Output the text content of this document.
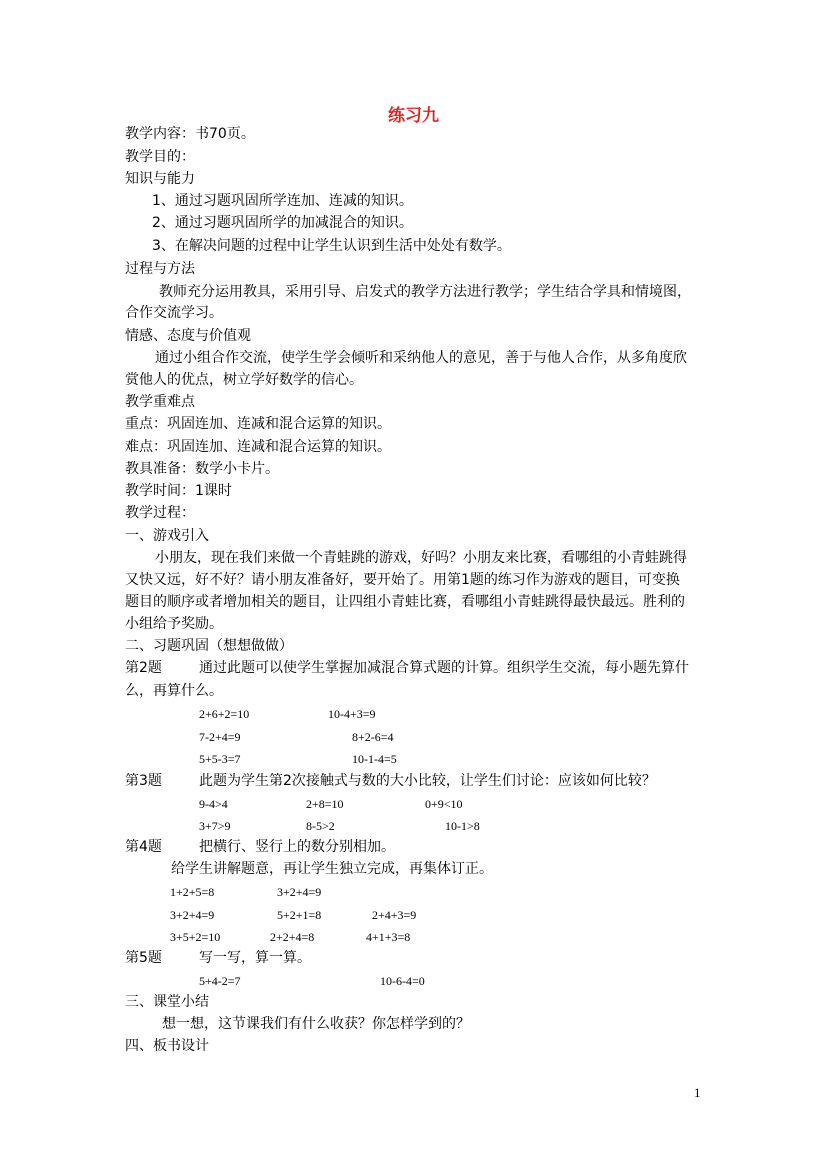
练习九
教学内容：书70页。
教学目的：
知识与能力
1、通过习题巩固所学连加、连减的知识。
2、通过习题巩固所学的加减混合的知识。
3、在解决问题的过程中让学生认识到生活中处处有数学。
过程与方法
教师充分运用教具，采用引导、启发式的教学方法进行教学；学生结合学具和情境图，
合作交流学习。
情感、态度与价值观
通过小组合作交流，使学生学会倾听和采纳他人的意见，善于与他人合作，从多角度欣
赏他人的优点，树立学好数学的信心。
教学重难点
重点：巩固连加、连减和混合运算的知识。
难点：巩固连加、连减和混合运算的知识。
教具准备：数学小卡片。
教学时间：1课时
教学过程：
一、游戏引入
小朋友，现在我们来做一个青蛙跳的游戏，好吗？小朋友来比赛，看哪组的小青蛙跳得
又快又远，好不好？请小朋友准备好，要开始了。用第1题的练习作为游戏的题目，可变换
题目的顺序或者增加相关的题目，让四组小青蛙比赛，看哪组小青蛙跳得最快最远。胜利的
小组给予奖励。
二、习题巩固（想想做做）
第2题	通过此题可以使学生掌握加减混合算式题的计算。组织学生交流，每小题先算什
么，再算什么。
2+6+2=10	10-4+3=9
7-2+4=9	8+2-6=4
5+5-3=7	10-1-4=5
第3题	此题为学生第2次接触式与数的大小比较，让学生们讨论：应该如何比较？
9-4>4	2+8=10	0+9<10
3+7>9	8-5>2	10-1>8
第4题	把横行、竖行上的数分别相加。
给学生讲解题意，再让学生独立完成，再集体订正。
1+2+5=8	3+2+4=9
3+2+4=9	5+2+1=8	2+4+3=9
3+5+2=10	2+2+4=8	4+1+3=8
第5题	写一写，算一算。
5+4-2=7	10-6-4=0
三、课堂小结
想一想，这节课我们有什么收获？你怎样学到的？
四、板书设计
1
